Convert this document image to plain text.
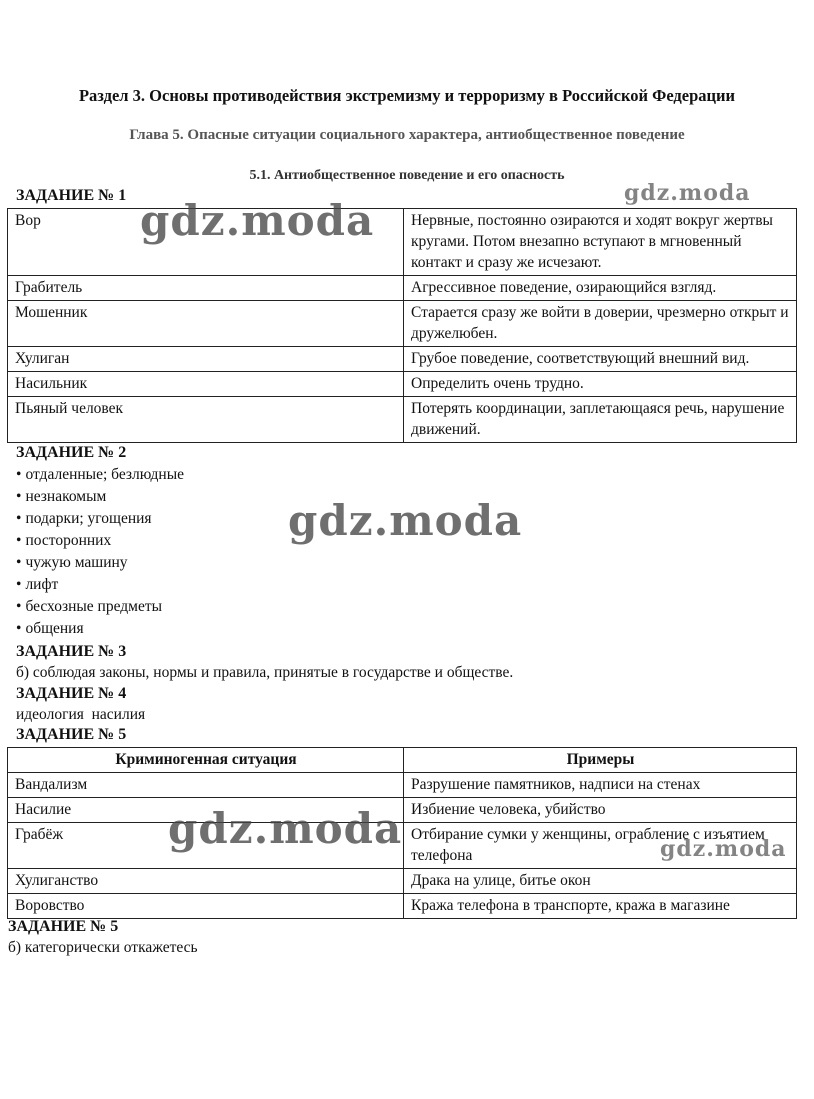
Раздел 3. Основы противодействия экстремизму и терроризму в Российской Федерации
Глава 5. Опасные ситуации социального характера, антиобщественное поведение
5.1. Антиобщественное поведение и его опасность
ЗАДАНИЕ № 1
Вор	Нервные, постоянно озираются и ходят вокруг жертвы кругами. Потом внезапно вступают в мгновенный контакт и сразу же исчезают.
Грабитель	Агрессивное поведение, озирающийся взгляд.
Мошенник	Старается сразу же войти в доверии, чрезмерно открыт и дружелюбен.
Хулиган	Грубое поведение, соответствующий внешний вид.
Насильник	Определить очень трудно.
Пьяный человек	Потерять координации, заплетающаяся речь, нарушение движений.
ЗАДАНИЕ № 2
• отдаленные; безлюдные
• незнакомым
• подарки; угощения
• посторонних
• чужую машину
• лифт
• бесхозные предметы
• общения
ЗАДАНИЕ № 3
б) соблюдая законы, нормы и правила, принятые в государстве и обществе.
ЗАДАНИЕ № 4
идеология  насилия
ЗАДАНИЕ № 5
Криминогенная ситуация	Примеры
Вандализм	Разрушение памятников, надписи на стенах
Насилие	Избиение человека, убийство
Грабёж	Отбирание сумки у женщины, ограбление с изъятием телефона
Хулиганство	Драка на улице, битье окон
Воровство	Кража телефона в транспорте, кража в магазине
ЗАДАНИЕ № 5
б) категорически откажетесь
gdz.moda
gdz.moda
gdz.moda
gdz.moda	gdz.moda
